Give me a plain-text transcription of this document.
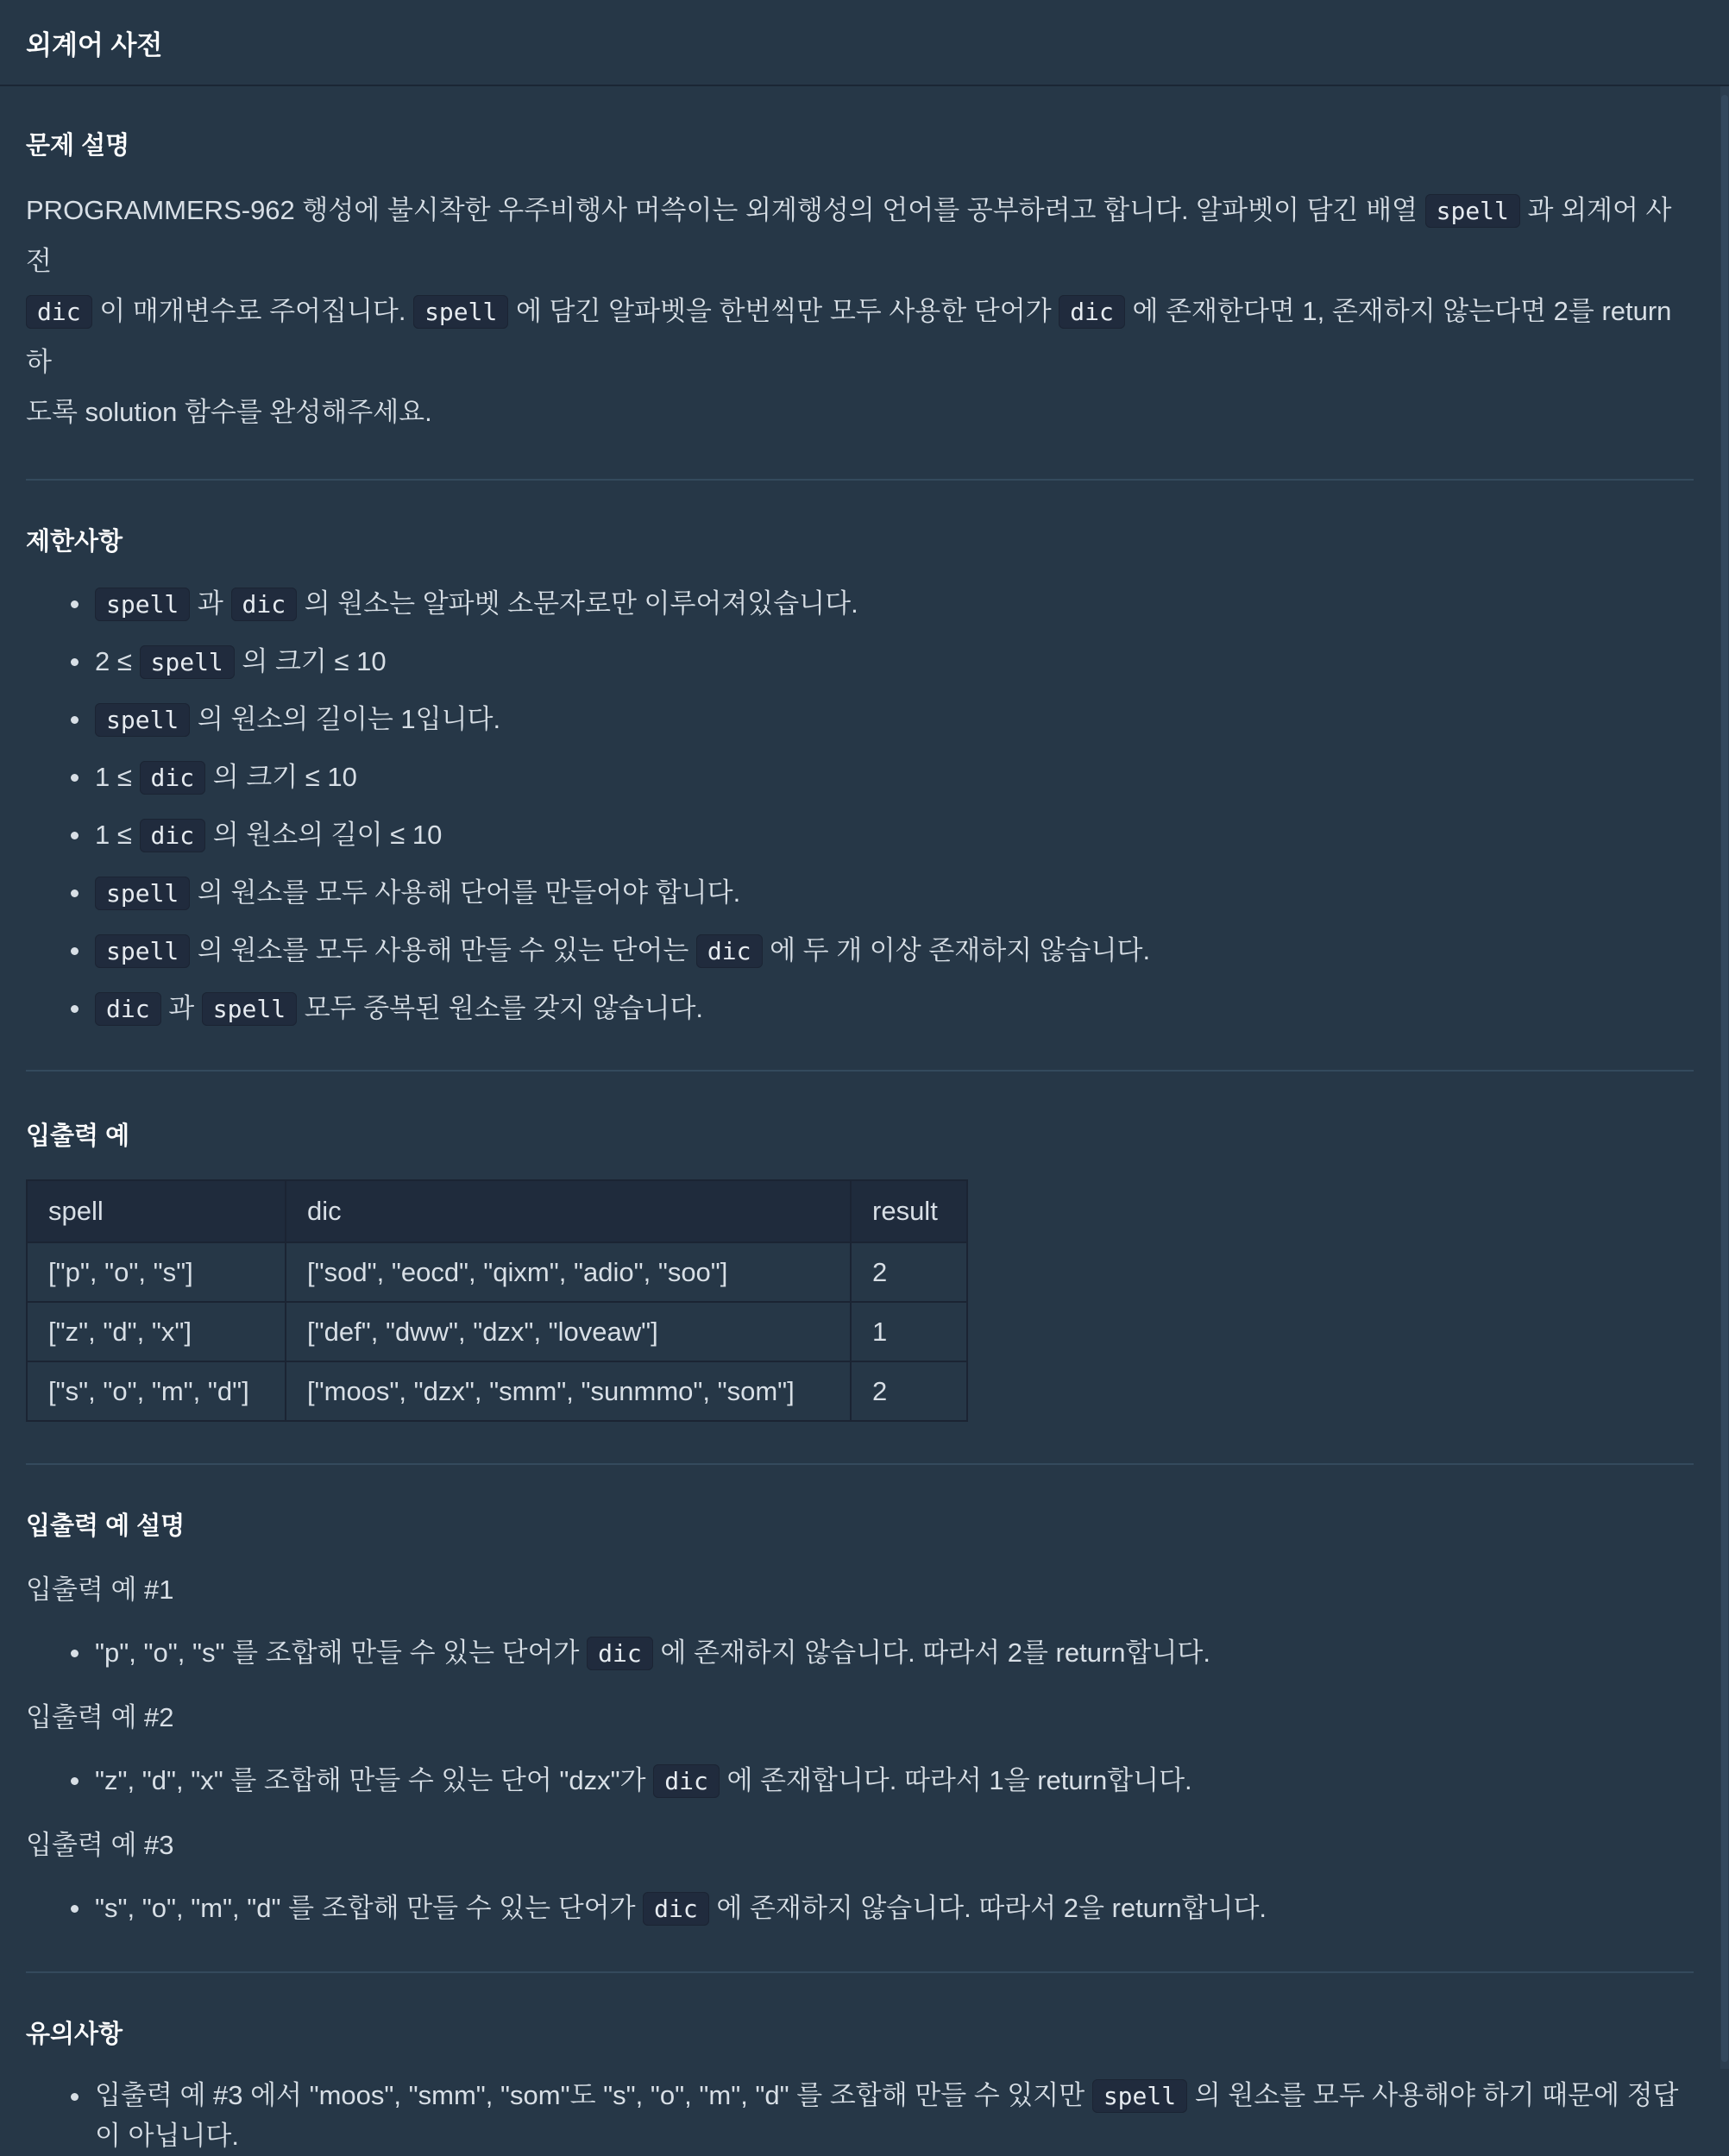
외계어 사전
문제 설명

PROGRAMMERS-962 행성에 불시착한 우주비행사 머쓱이는 외계행성의 언어를 공부하려고 합니다. 알파벳이 담긴 배열 spell 과 외계어 사전
dic 이 매개변수로 주어집니다. spell 에 담긴 알파벳을 한번씩만 모두 사용한 단어가 dic 에 존재한다면 1, 존재하지 않는다면 2를 return하
도록 solution 함수를 완성해주세요.

제한사항
spell 과 dic 의 원소는 알파벳 소문자로만 이루어져있습니다.
2 ≤ spell 의 크기 ≤ 10
spell 의 원소의 길이는 1입니다.
1 ≤ dic 의 크기 ≤ 10
1 ≤ dic 의 원소의 길이 ≤ 10
spell 의 원소를 모두 사용해 단어를 만들어야 합니다.
spell 의 원소를 모두 사용해 만들 수 있는 단어는 dic 에 두 개 이상 존재하지 않습니다.
dic 과 spell 모두 중복된 원소를 갖지 않습니다.
입출력 예
spell	dic	result
["p", "o", "s"]	["sod", "eocd", "qixm", "adio", "soo"]	2
["z", "d", "x"]	["def", "dww", "dzx", "loveaw"]	1
["s", "o", "m", "d"]	["moos", "dzx", "smm", "sunmmo", "som"]	2
입출력 예 설명

입출력 예 #1

"p", "o", "s" 를 조합해 만들 수 있는 단어가 dic 에 존재하지 않습니다. 따라서 2를 return합니다.

입출력 예 #2

"z", "d", "x" 를 조합해 만들 수 있는 단어 "dzx"가 dic 에 존재합니다. 따라서 1을 return합니다.

입출력 예 #3

"s", "o", "m", "d" 를 조합해 만들 수 있는 단어가 dic 에 존재하지 않습니다. 따라서 2을 return합니다.
유의사항
입출력 예 #3 에서 "moos", "smm", "som"도 "s", "o", "m", "d" 를 조합해 만들 수 있지만 spell 의 원소를 모두 사용해야 하기 때문에 정답
이 아닙니다.
